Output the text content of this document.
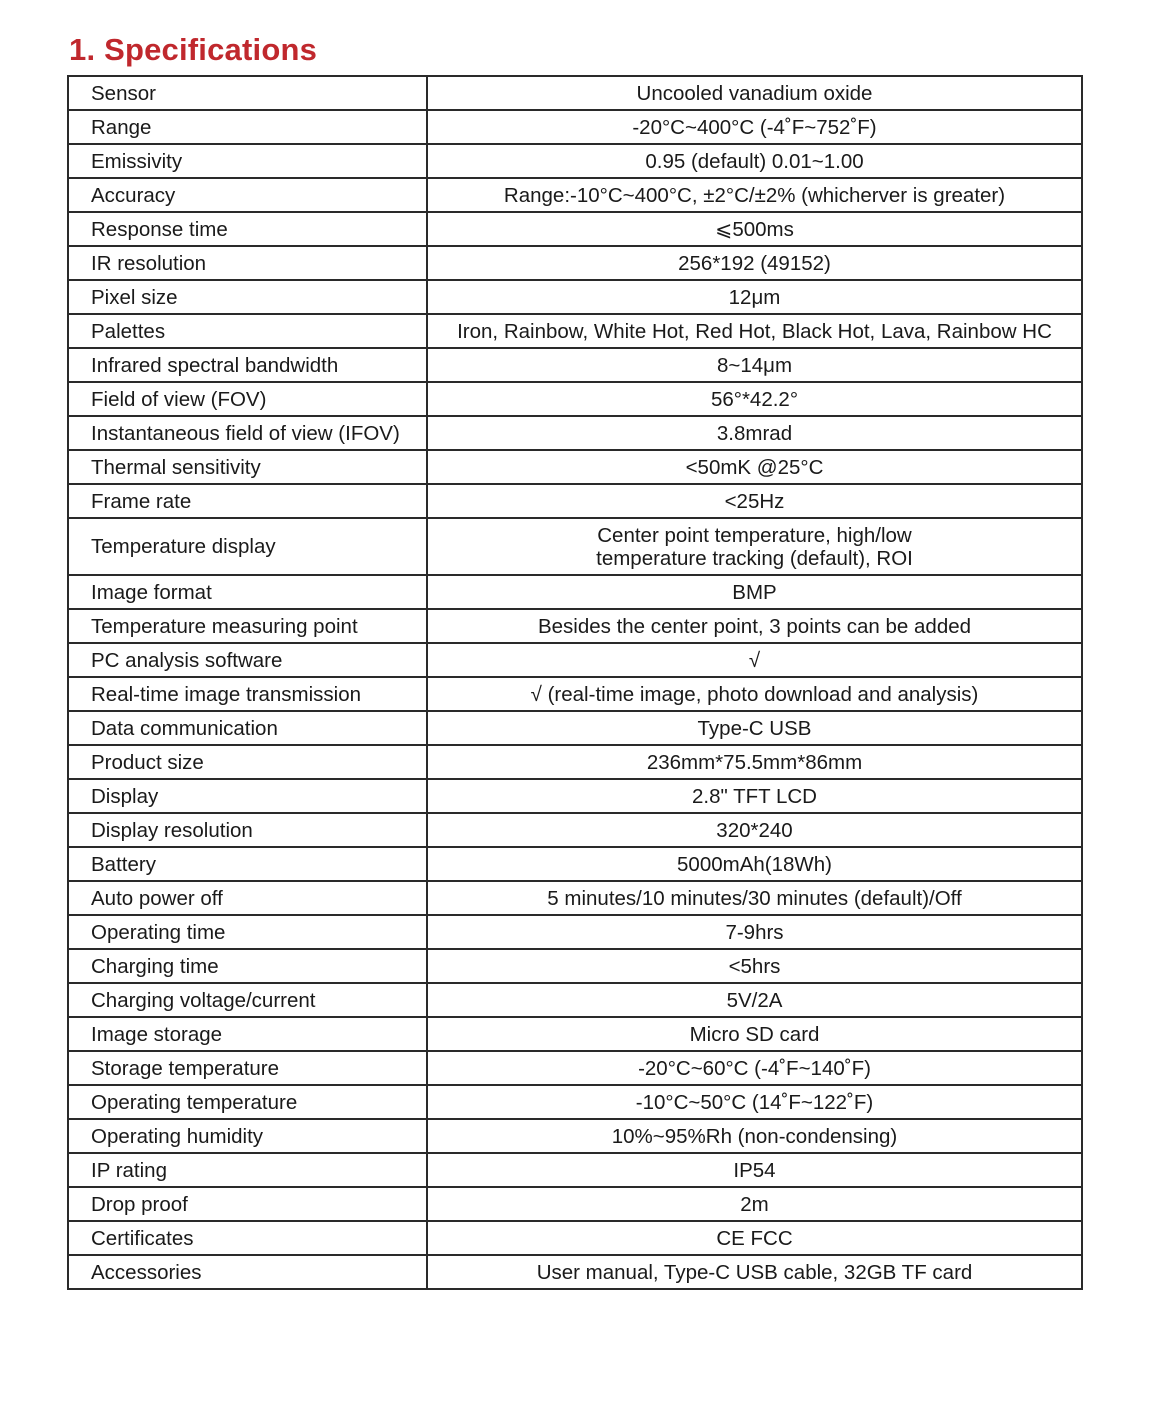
1. Specifications
Sensor	Uncooled vanadium oxide
Range	-20°C~400°C (-4˚F~752˚F)
Emissivity	0.95 (default) 0.01~1.00
Accuracy	Range:-10°C~400°C, ±2°C/±2% (whicherver is greater)
Response time	⩽500ms
IR resolution	256*192 (49152)
Pixel size	12μm
Palettes	Iron, Rainbow, White Hot, Red Hot, Black Hot, Lava, Rainbow HC
Infrared spectral bandwidth	8~14μm
Field of view (FOV)	56°*42.2°
Instantaneous field of view (IFOV)	3.8mrad
Thermal sensitivity	<50mK @25°C
Frame rate	<25Hz
Temperature display	Center point temperature, high/low
temperature tracking (default), ROI

Image format	BMP
Temperature measuring point	Besides the center point, 3 points can be added
PC analysis software	√
Real-time image transmission	√ (real-time image, photo download and analysis)
Data communication	Type-C USB
Product size	236mm*75.5mm*86mm
Display	2.8" TFT LCD
Display resolution	320*240
Battery	5000mAh(18Wh)
Auto power off	5 minutes/10 minutes/30 minutes (default)/Off
Operating time	7-9hrs
Charging time	<5hrs
Charging voltage/current	5V/2A
Image storage	Micro SD card
Storage temperature	-20°C~60°C (-4˚F~140˚F)
Operating temperature	-10°C~50°C (14˚F~122˚F)
Operating humidity	10%~95%Rh (non-condensing)
IP rating	IP54
Drop proof	2m
Certificates	CE FCC
Accessories	User manual, Type-C USB cable, 32GB TF card
